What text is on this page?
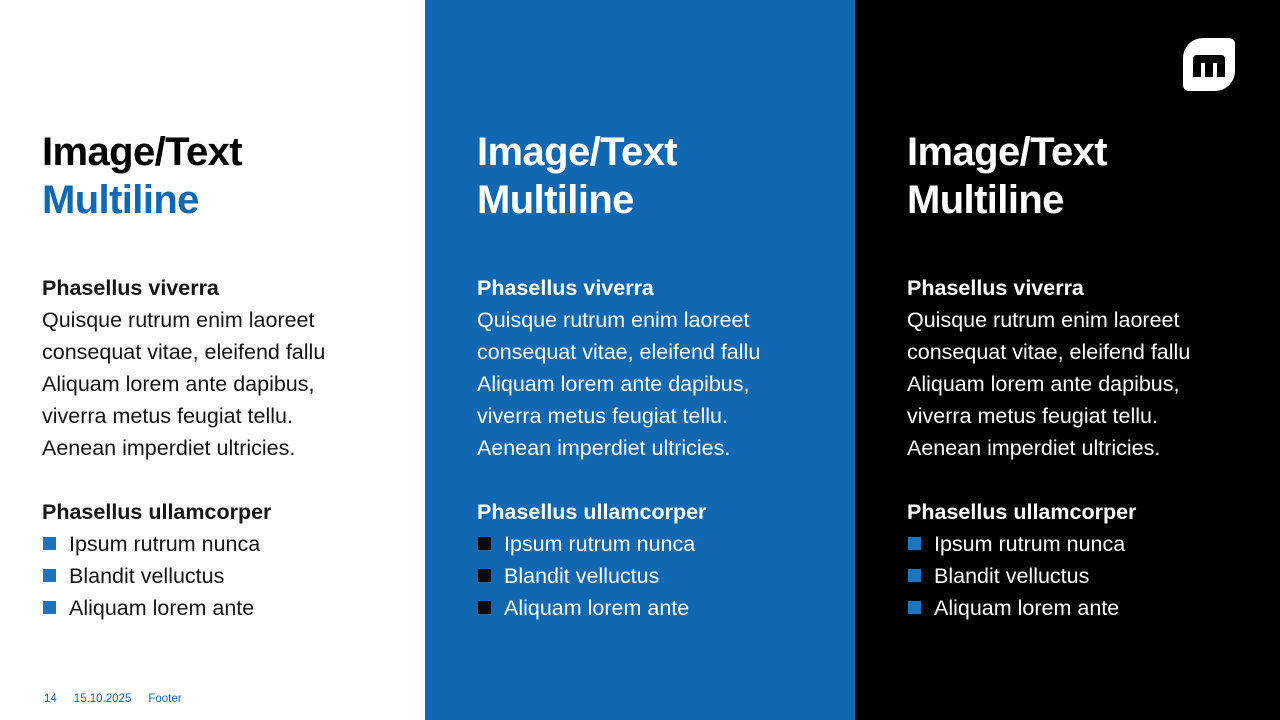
Image/Text
Multiline
Phasellus viverra

Quisque rutrum enim laoreet
consequat vitae, eleifend fallu
Aliquam lorem ante dapibus,
viverra metus feugiat tellu.
Aenean imperdiet ultricies.

Phasellus ullamcorper
Ipsum rutrum nunca
Blandit velluctus
Aliquam lorem ante
Image/Text
Multiline
Phasellus viverra

Quisque rutrum enim laoreet
consequat vitae, eleifend fallu
Aliquam lorem ante dapibus,
viverra metus feugiat tellu.
Aenean imperdiet ultricies.

Phasellus ullamcorper
Ipsum rutrum nunca
Blandit velluctus
Aliquam lorem ante
Image/Text
Multiline
Phasellus viverra

Quisque rutrum enim laoreet
consequat vitae, eleifend fallu
Aliquam lorem ante dapibus,
viverra metus feugiat tellu.
Aenean imperdiet ultricies.

Phasellus ullamcorper
Ipsum rutrum nunca
Blandit velluctus
Aliquam lorem ante
14 15.10.2025 Footer
